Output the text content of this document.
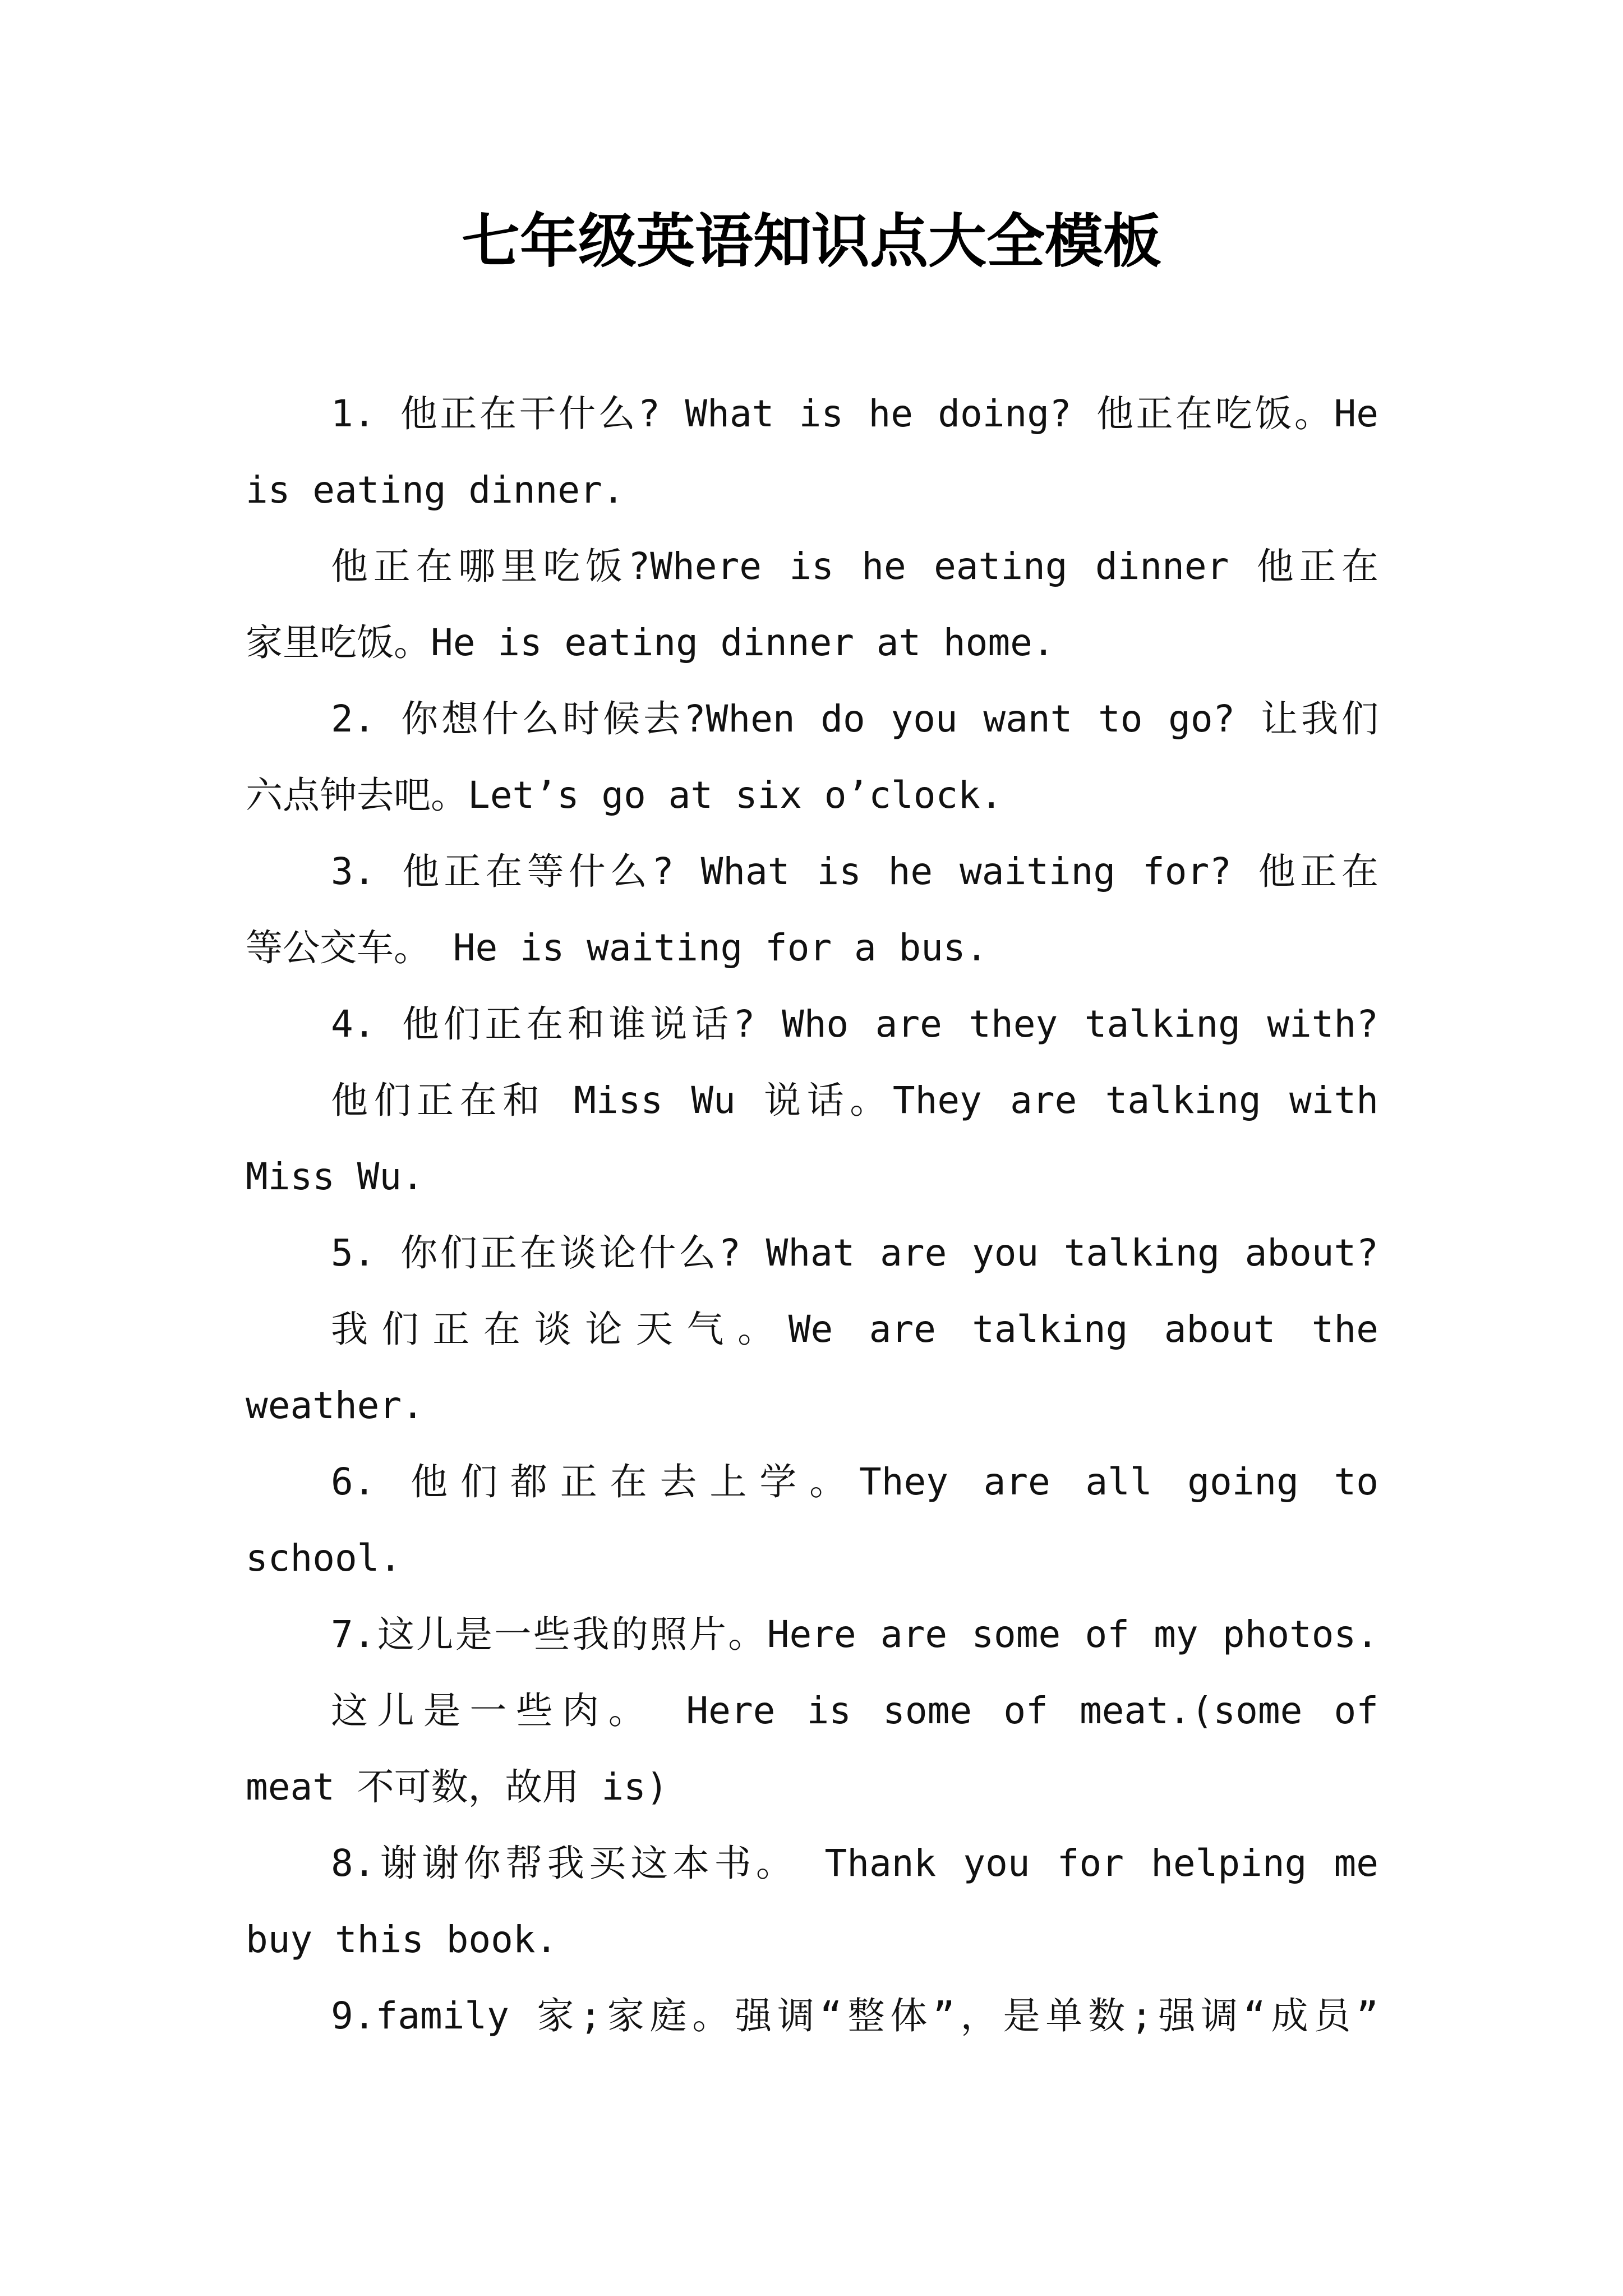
七年级英语知识点大全模板
1. 他正在干什么? What is he doing? 他正在吃饭。He
is eating dinner.
他正在哪里吃饭?Where is he eating dinner 他正在
家里吃饭。He is eating dinner at home.
2. 你想什么时候去?When do you want to go? 让我们
六点钟去吧。Let’s go at six o’clock.
3. 他正在等什么? What is he waiting for? 他正在
等公交车。 He is waiting for a bus.
4. 他们正在和谁说话? Who are they talking with?
他们正在和 Miss Wu 说话。They are talking with
Miss Wu.
5. 你们正在谈论什么? What are you talking about?
我们正在谈论天气。We are talking about the
weather.
6. 他们都正在去上学。They are all going to
school.
7.这儿是一些我的照片。Here are some of my photos.
这儿是一些肉。 Here is some of meat.(some of
meat 不可数，故用 is)
8.谢谢你帮我买这本书。 Thank you for helping me
buy this book.
9.family 家;家庭。强调“整体”，是单数;强调“成员”
